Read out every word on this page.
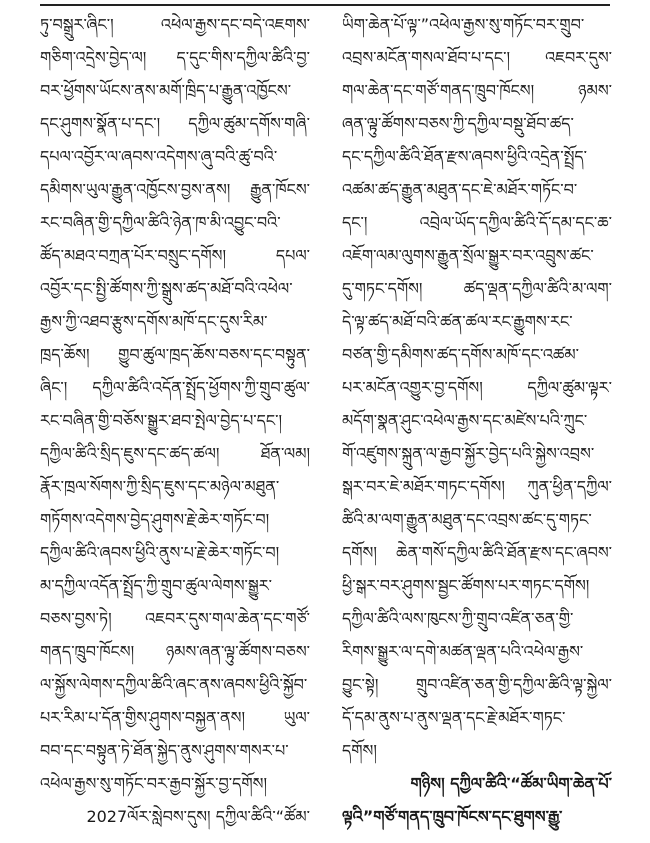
ཏུ་བསྒྲུར་ཞིང་། འཕེལ་རྒྱས་དང་བདེ་འཇགས་
གཅིག་འདྲེས་བྱེད་ལ། ད་དུང་གིས་དཀྱིལ་ཚིའི་བྱ་
བར་ཕྱོགས་ཡོངས་ནས་མགོ་ཁྲིད་པ་རྒྱུན་འཁྱོངས་
དང་ཤུགས་སྣོན་པ་དང་། དཀྱིལ་ཚུམ་དགོས་གཞི་
དཔལ་འབྱོར་ལ་ཞབས་འདེགས་ཞུ་བའི་ཚུ་བའི་
དམིགས་ཡུལ་རྒྱུན་འཁྱོངས་བྱས་ནས། རྒྱུན་ཁོངས་
རང་བཞིན་གྱི་དཀྱིལ་ཚིའི་ཉེན་ཁ་མི་འབྱུང་བའི་
ཚོད་མཐའ་བཀྲན་པོར་བསྲུང་དགོས། དཔལ་
འབྱོར་དང་སྤྱི་ཚོགས་ཀྱི་སྒྲུས་ཚད་མཐོ་བའི་འཕེལ་
རྒྱས་ཀྱི་འཐབ་རྩུས་དགོས་མཁོ་དང་དུས་རིམ་
ཁྲད་ཆོས། གྱུབ་ཚུལ་ཁྲད་ཆོས་བཅས་དང་བསྟུན་
ཞིང་། དཀྱིལ་ཚིའི་འདོན་སྤྲོད་ཕྱོགས་ཀྱི་གྲུབ་ཚུལ་
རང་བཞིན་གྱི་བཅོས་སྒྱུར་ཐབ་སྤེལ་བྱེད་པ་དང་།
དཀྱིལ་ཚིའི་སྲིད་ཇུས་དང་ཚད་ཚལ། ཐོན་ལམ།
རྣོར་ཁྲལ་སོགས་ཀྱི་སྲིད་ཇུས་དང་མཉེལ་མཐུན་
གཏོགས་འདེགས་བྱེད་ཤུགས་རྗེ་ཆེར་གཏོང་བ།
དཀྱིལ་ཚིའི་ཞབས་ཕྱིའི་ནུས་པ་རྗེ་ཆེར་གཏོང་བ།
མ་དཀྱིལ་འདོན་སྤྲོད་ཀྱི་གྲུབ་ཚུལ་ལེགས་སྒྱུར་
བཅས་བྱས་ཏེ། འཇབར་དུས་གལ་ཆེན་དང་གཙོ་
གནད་ཁྲུབ་ཁོངས། ཉམས་ཞན་ལྟུ་ཚོགས་བཅས་
ལ་སྐྱོས་ལེགས་དཀྱིལ་ཚིའི་ཞང་ནས་ཞབས་ཕྱིའི་སྐྱོབ་
པར་རིམ་པ་དོན་གྱིས་ཤུགས་བསྐྱན་ནས། ཡུལ་
བབ་དང་བསྟུན་ཏེ་ཐོན་སྐྱེད་ནུས་ཤུགས་གསར་པ་
འཕེལ་རྒྱས་སུ་གཏོང་བར་རྒྱབ་སྐྱོར་བྱ་དགོས།
2027ལོར་སླེབས་དུས། དཀྱིལ་ཚིའི་“ཚོམ་
ཡིག་ཆེན་པོ་ལྟ་”འཕེལ་རྒྱས་སུ་གཏོང་བར་གྲུབ་
འབྲས་མངོན་གསལ་ཐོབ་པ་དང་། འཇབར་དུས་
གལ་ཆེན་དང་གཙོ་གནད་ཁྲུབ་ཁོངས། ཉམས་
ཞན་ལྟུ་ཚོགས་བཅས་ཀྱི་དཀྱིལ་བསྡུ་ཐོབ་ཚད་
དང་དཀྱིལ་ཚིའི་ཐོན་རྫས་ཞབས་ཕྱིའི་འདྲེན་སྤྲོད་
འཚམ་ཚད་རྒྱུན་མཐུན་དང་ཇེ་མཐོར་གཏོང་བ་
དང་། འབྲེལ་ཡོད་དཀྱིལ་ཚིའི་དོ་དམ་དང་ཆ་
འཇོག་ལམ་ལུགས་རྒྱུན་སྲོལ་སྒྱུར་བར་འབྲུས་ཚང་
དུ་གཏང་དགོས། ཚད་ལྡན་དཀྱིལ་ཚིའི་མ་ལག་
དེ་ལྟ་ཚད་མཐོ་བའི་ཚན་ཚལ་རང་རྒྱུགས་རང་
བཙན་གྱི་དམིགས་ཚད་དགོས་མཁོ་དང་འཚམ་
པར་མངོན་འགྱུར་བྱ་དགོས། དཀྱིལ་ཚུམ་ལྟར་
མདོག་སྣན་ཤུང་འཕེལ་རྒྱས་དང་མཛེས་པའི་ཀྲུང་
གོ་འཛུགས་སྐྲུན་ལ་རྒྱབ་སྐྱོར་བྱེད་པའི་སྐྱེས་འབྲས་
སྒར་བར་ཇེ་མཐོར་གཏང་དགོས། ཀུན་ཕྱིན་དཀྱིལ་
ཚིའི་མ་ལག་རྒྱུན་མཐུན་དང་འབྲས་ཚང་དུ་གཏང་
དགོས། ཆེན་གསོ་དཀྱིལ་ཚིའི་ཐོན་རྫས་དང་ཞབས་
ཕྱི་སྒར་བར་ཤུགས་སྦྱང་ཚོགས་པར་གཏང་དགོས།
དཀྱིལ་ཚིའི་ལས་ཁུངས་ཀྱི་གྲུབ་འཛིན་ཅན་གྱི་
རིགས་སྒྱུར་ལ་དགེ་མཚན་ལྡན་པའི་འཕེལ་རྒྱས་
བྱུང་སྟེ། གྲུབ་འཛིན་ཅན་གྱི་དཀྱིལ་ཚིའི་ལྟ་སྐྱེལ་
དོ་དམ་ནུས་པ་ནུས་ལྡན་དང་རྗེ་མཐོར་གཏང་
དགོས།
གཉིས། དཀྱིལ་ཚིའི་“ཚོམ་ཡིག་ཆེན་པོ་
ལྟའི”གཙོ་གནད་ཁྲུབ་ཁོངས་དང་ཐུགས་རྒྱུ་
